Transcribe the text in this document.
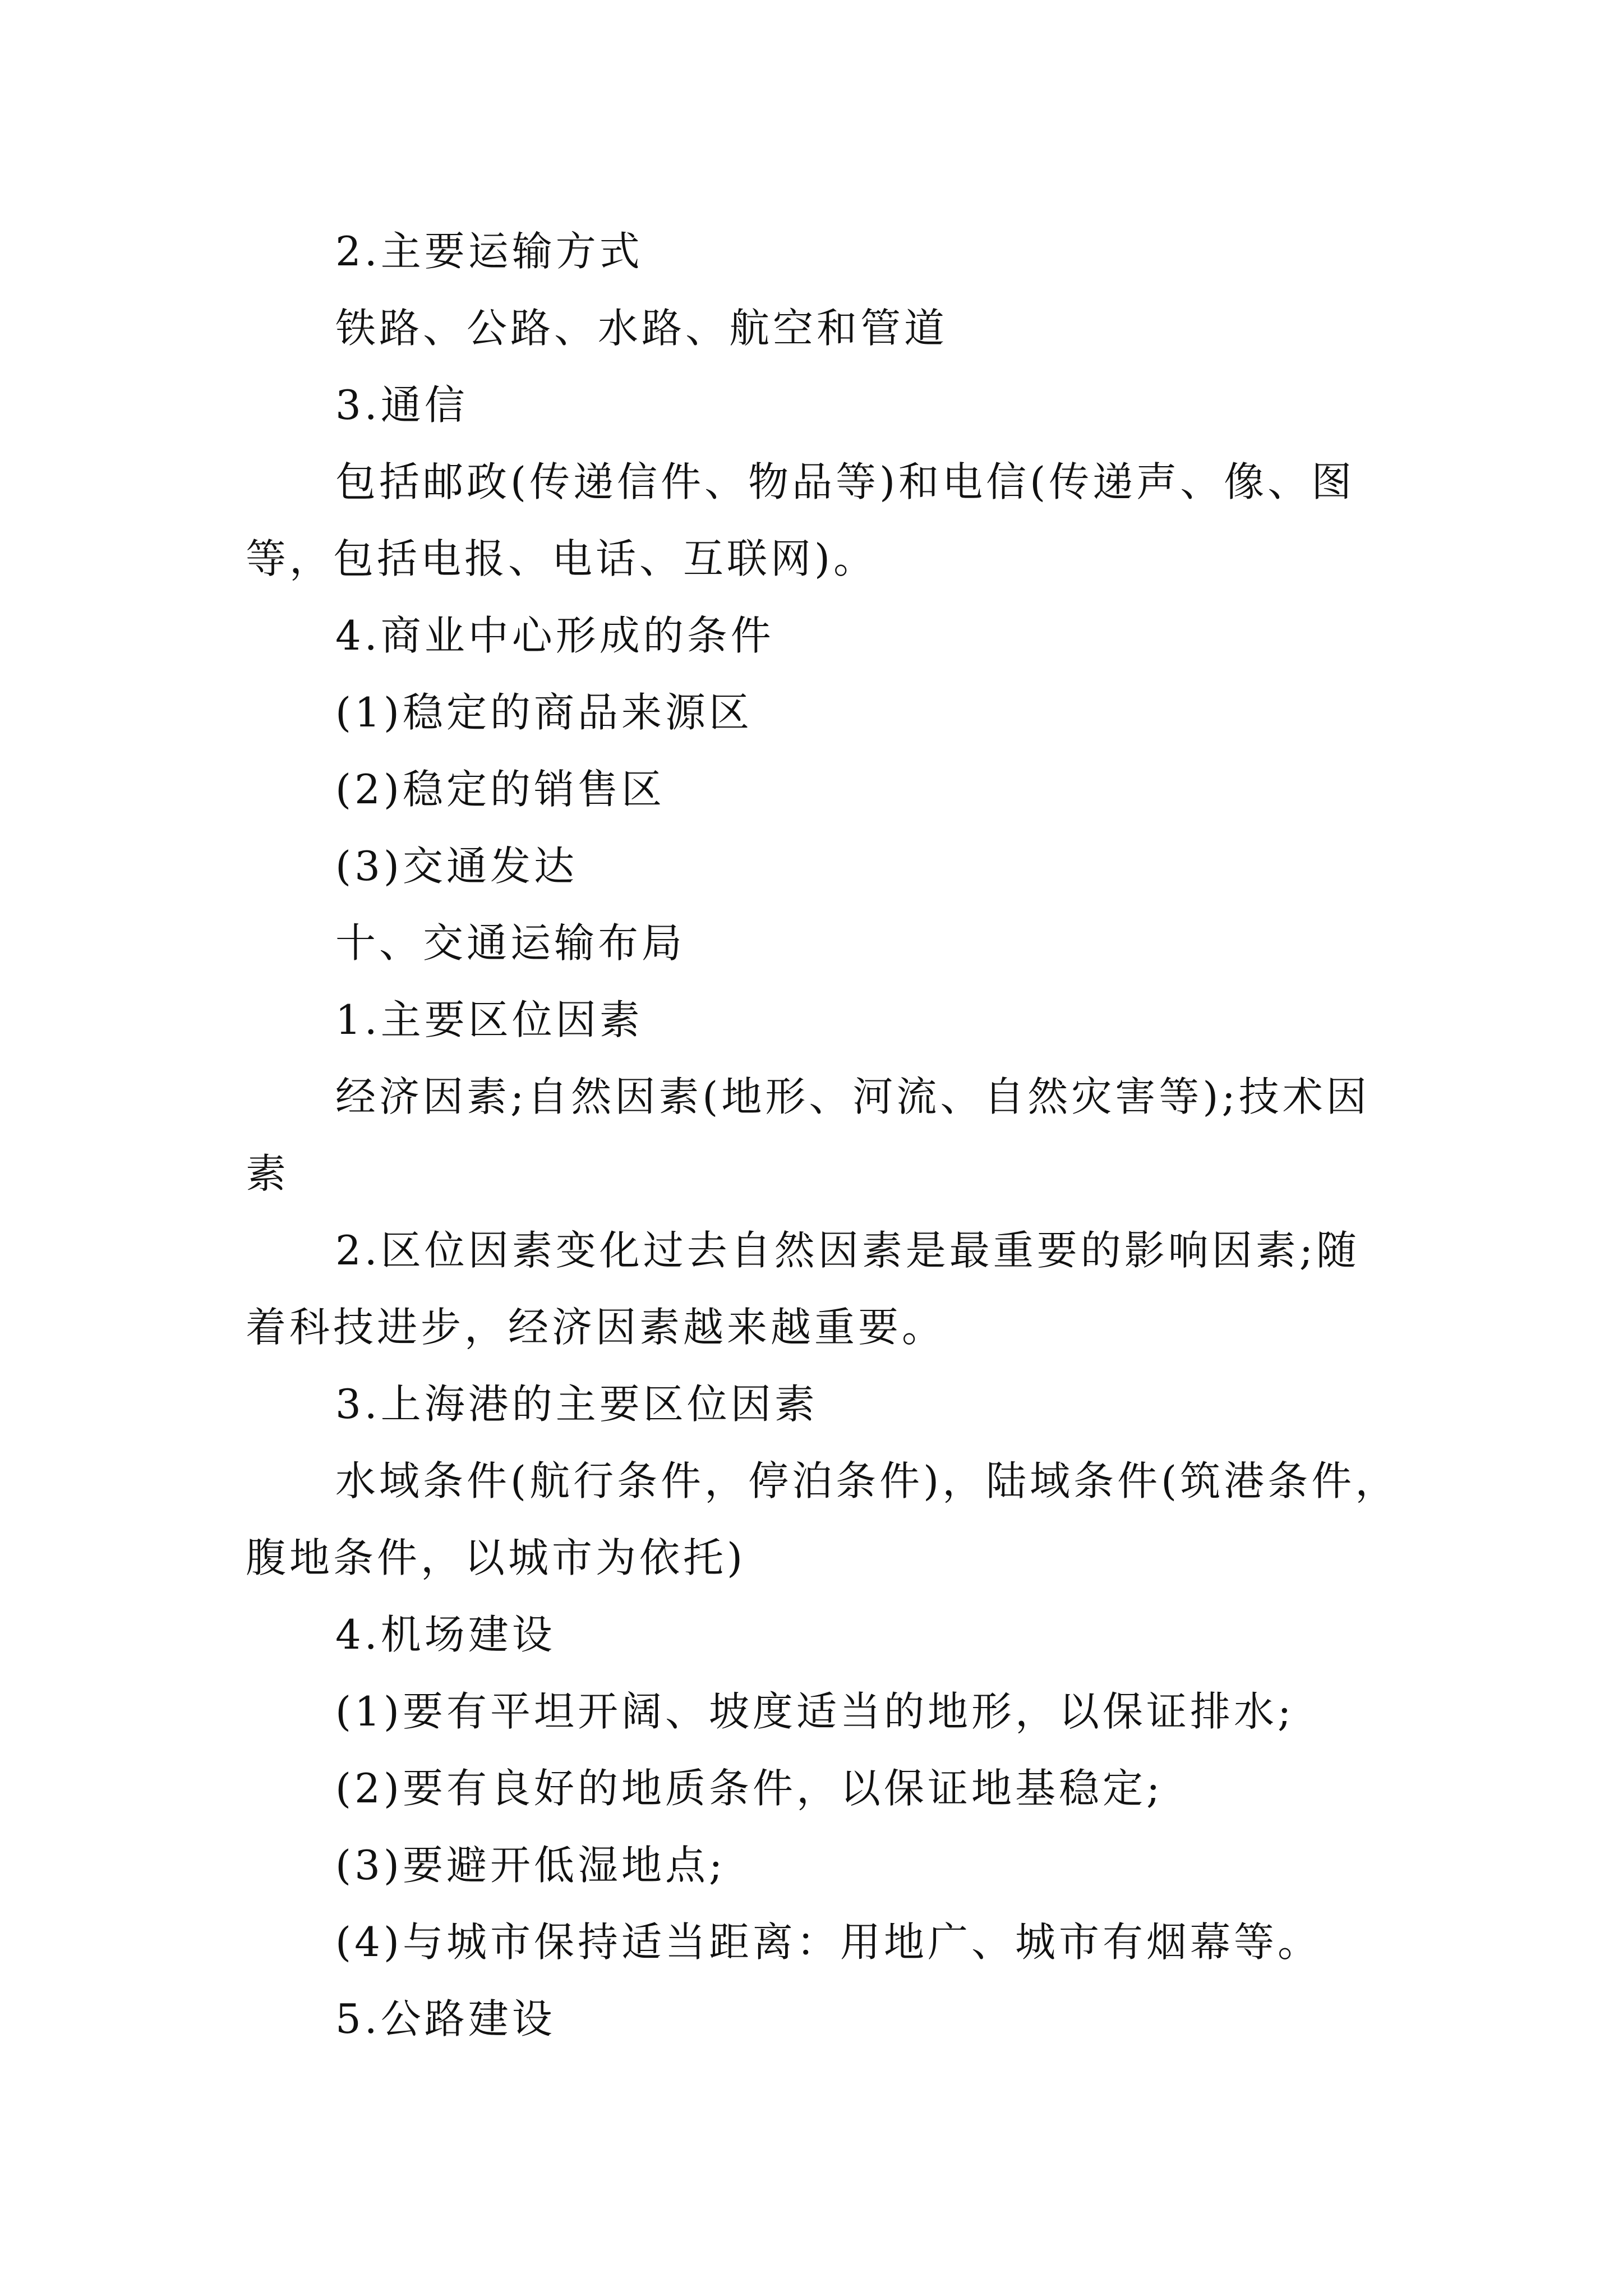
2.主要运输方式

铁路、公路、水路、航空和管道

3.通信

包括邮政(传递信件、物品等)和电信(传递声、像、图

等，包括电报、电话、互联网)。

4.商业中心形成的条件

(1)稳定的商品来源区

(2)稳定的销售区

(3)交通发达

十、交通运输布局

1.主要区位因素

经济因素;自然因素(地形、河流、自然灾害等);技术因

素

2.区位因素变化过去自然因素是最重要的影响因素;随

着科技进步，经济因素越来越重要。

3.上海港的主要区位因素

水域条件(航行条件，停泊条件)，陆域条件(筑港条件，

腹地条件，以城市为依托)

4.机场建设

(1)要有平坦开阔、坡度适当的地形，以保证排水;

(2)要有良好的地质条件，以保证地基稳定;

(3)要避开低湿地点;

(4)与城市保持适当距离：用地广、城市有烟幕等。

5.公路建设
